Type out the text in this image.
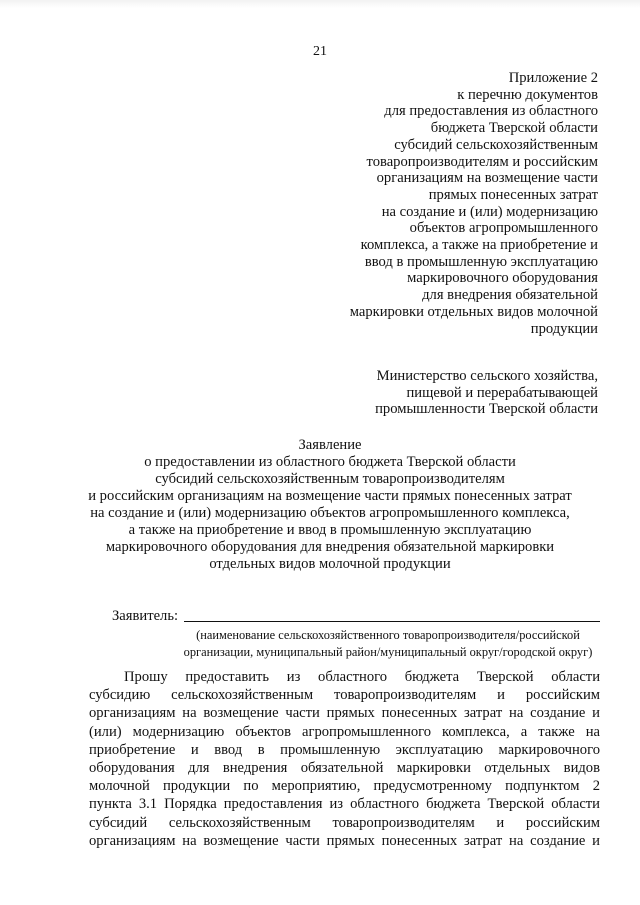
21
Приложение 2
к перечню документов
для предоставления из областного
бюджета Тверской области
субсидий сельскохозяйственным
товаропроизводителям и российским
организациям на возмещение части
прямых понесенных затрат
на создание и (или) модернизацию
объектов агропромышленного
комплекса, а также на приобретение и
ввод в промышленную эксплуатацию
маркировочного оборудования
для внедрения обязательной
маркировки отдельных видов молочной
продукции
Министерство сельского хозяйства,
пищевой и перерабатывающей
промышленности Тверской области
Заявление
о предоставлении из областного бюджета Тверской области
субсидий сельскохозяйственным товаропроизводителям
и российским организациям на возмещение части прямых понесенных затрат
на создание и (или) модернизацию объектов агропромышленного комплекса,
а также на приобретение и ввод в промышленную эксплуатацию
маркировочного оборудования для внедрения обязательной маркировки
отдельных видов молочной продукции
Заявитель:
(наименование сельскохозяйственного товаропроизводителя/российской
организации, муниципальный район/муниципальный округ/городской округ)
Прошу предоставить из областного бюджета Тверской области
субсидию сельскохозяйственным товаропроизводителям и российским
организациям на возмещение части прямых понесенных затрат на создание и
(или) модернизацию объектов агропромышленного комплекса, а также на
приобретение и ввод в промышленную эксплуатацию маркировочного
оборудования для внедрения обязательной маркировки отдельных видов
молочной продукции по мероприятию, предусмотренному подпунктом 2
пункта 3.1 Порядка предоставления из областного бюджета Тверской области
субсидий сельскохозяйственным товаропроизводителям и российским
организациям на возмещение части прямых понесенных затрат на создание и
